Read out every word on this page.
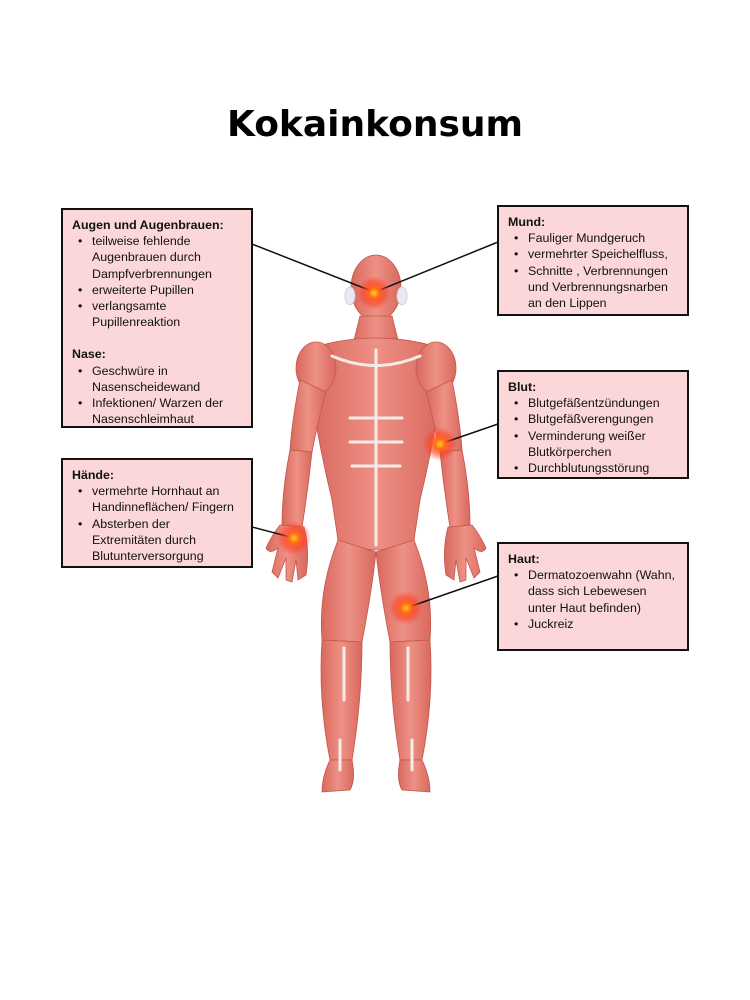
Kokainkonsum
Augen und Augenbrauen:
• teilweise fehlende Augenbrauen durch Dampfverbrennungen
• erweiterte Pupillen
• verlangsamte Pupillenreaktion
Nase:
• Geschwüre in Nasenscheidewand
• Infektionen/ Warzen der Nasenschleimhaut
Hände:
• vermehrte Hornhaut an Handinneflächen/ Fingern
• Absterben der Extremitäten durch Blutunterversorgung
Mund:
• Fauliger Mundgeruch
• vermehrter Speichelfluss,
• Schnitte , Verbrennungen und Verbrennungsnarben an den Lippen
Blut:
• Blutgefäßentzündungen
• Blutgefäßverengungen
• Verminderung weißer Blutkörperchen
• Durchblutungsstörung
Haut:
• Dermatozoenwahn (Wahn, dass sich Lebewesen unter Haut befinden)
• Juckreiz
